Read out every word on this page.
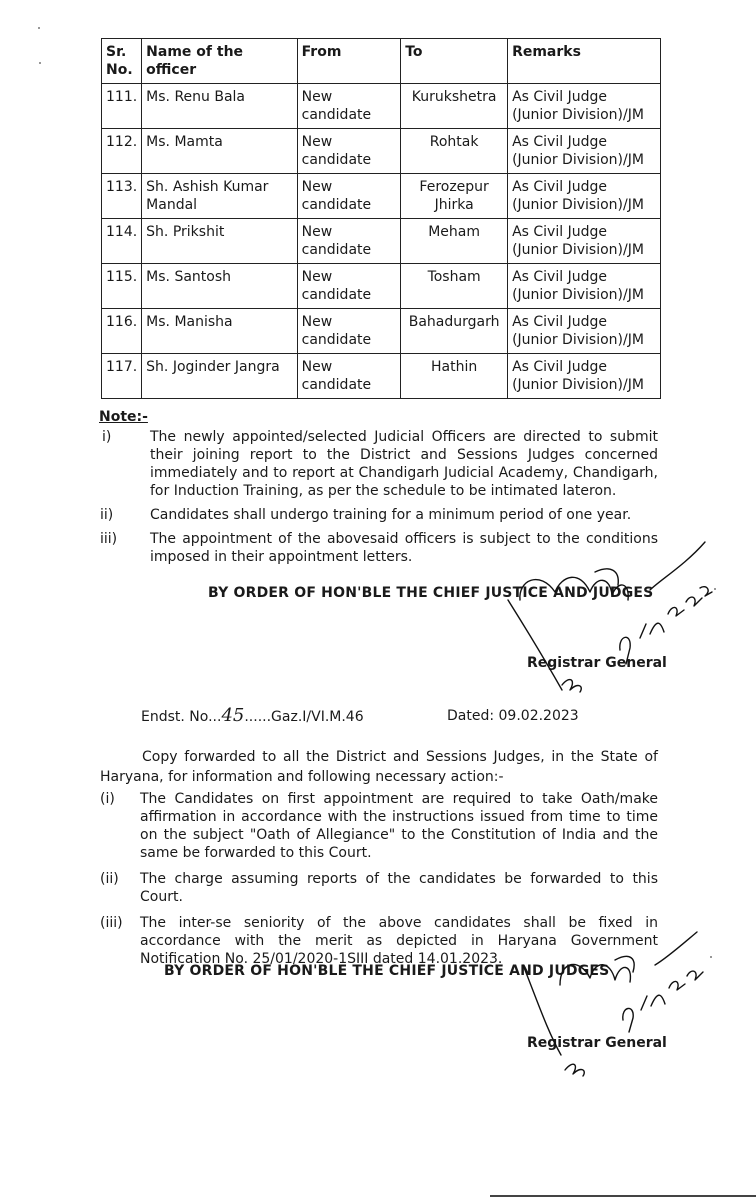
Sr. No.	Name of the officer	From	To	Remarks
111.	Ms. Renu Bala	New candidate	Kurukshetra	As Civil Judge (Junior Division)/JM
112.	Ms. Mamta	New candidate	Rohtak	As Civil Judge (Junior Division)/JM
113.	Sh. Ashish Kumar Mandal	New candidate	Ferozepur Jhirka	As Civil Judge (Junior Division)/JM
114.	Sh. Prikshit	New candidate	Meham	As Civil Judge (Junior Division)/JM
115.	Ms. Santosh	New candidate	Tosham	As Civil Judge (Junior Division)/JM
116.	Ms. Manisha	New candidate	Bahadurgarh	As Civil Judge (Junior Division)/JM
117.	Sh. Joginder Jangra	New candidate	Hathin	As Civil Judge (Junior Division)/JM
Note:-
i)	The newly appointed/selected Judicial Officers are directed to submit their joining report to the District and Sessions Judges concerned immediately and to report at Chandigarh Judicial Academy, Chandigarh, for Induction Training, as per the schedule to be intimated lateron.
ii)	Candidates shall undergo training for a minimum period of one year.
iii) The appointment of the abovesaid officers is subject to the conditions imposed in their appointment letters.
BY ORDER OF HON'BLE THE CHIEF JUSTICE AND JUDGES
Registrar General
Endst. No...45......Gaz.I/VI.M.46	Dated: 09.02.2023
Copy forwarded to all the District and Sessions Judges, in the State of Haryana, for information and following necessary action:-
(i) The Candidates on first appointment are required to take Oath/make affirmation in accordance with the instructions issued from time to time on the subject "Oath of Allegiance" to the Constitution of India and the same be forwarded to this Court.
(ii) The charge assuming reports of the candidates be forwarded to this Court.
(iii) The inter-se seniority of the above candidates shall be fixed in accordance with the merit as depicted in Haryana Government Notification No. 25/01/2020-1SIII dated 14.01.2023.
BY ORDER OF HON'BLE THE CHIEF JUSTICE AND JUDGES
Registrar General
